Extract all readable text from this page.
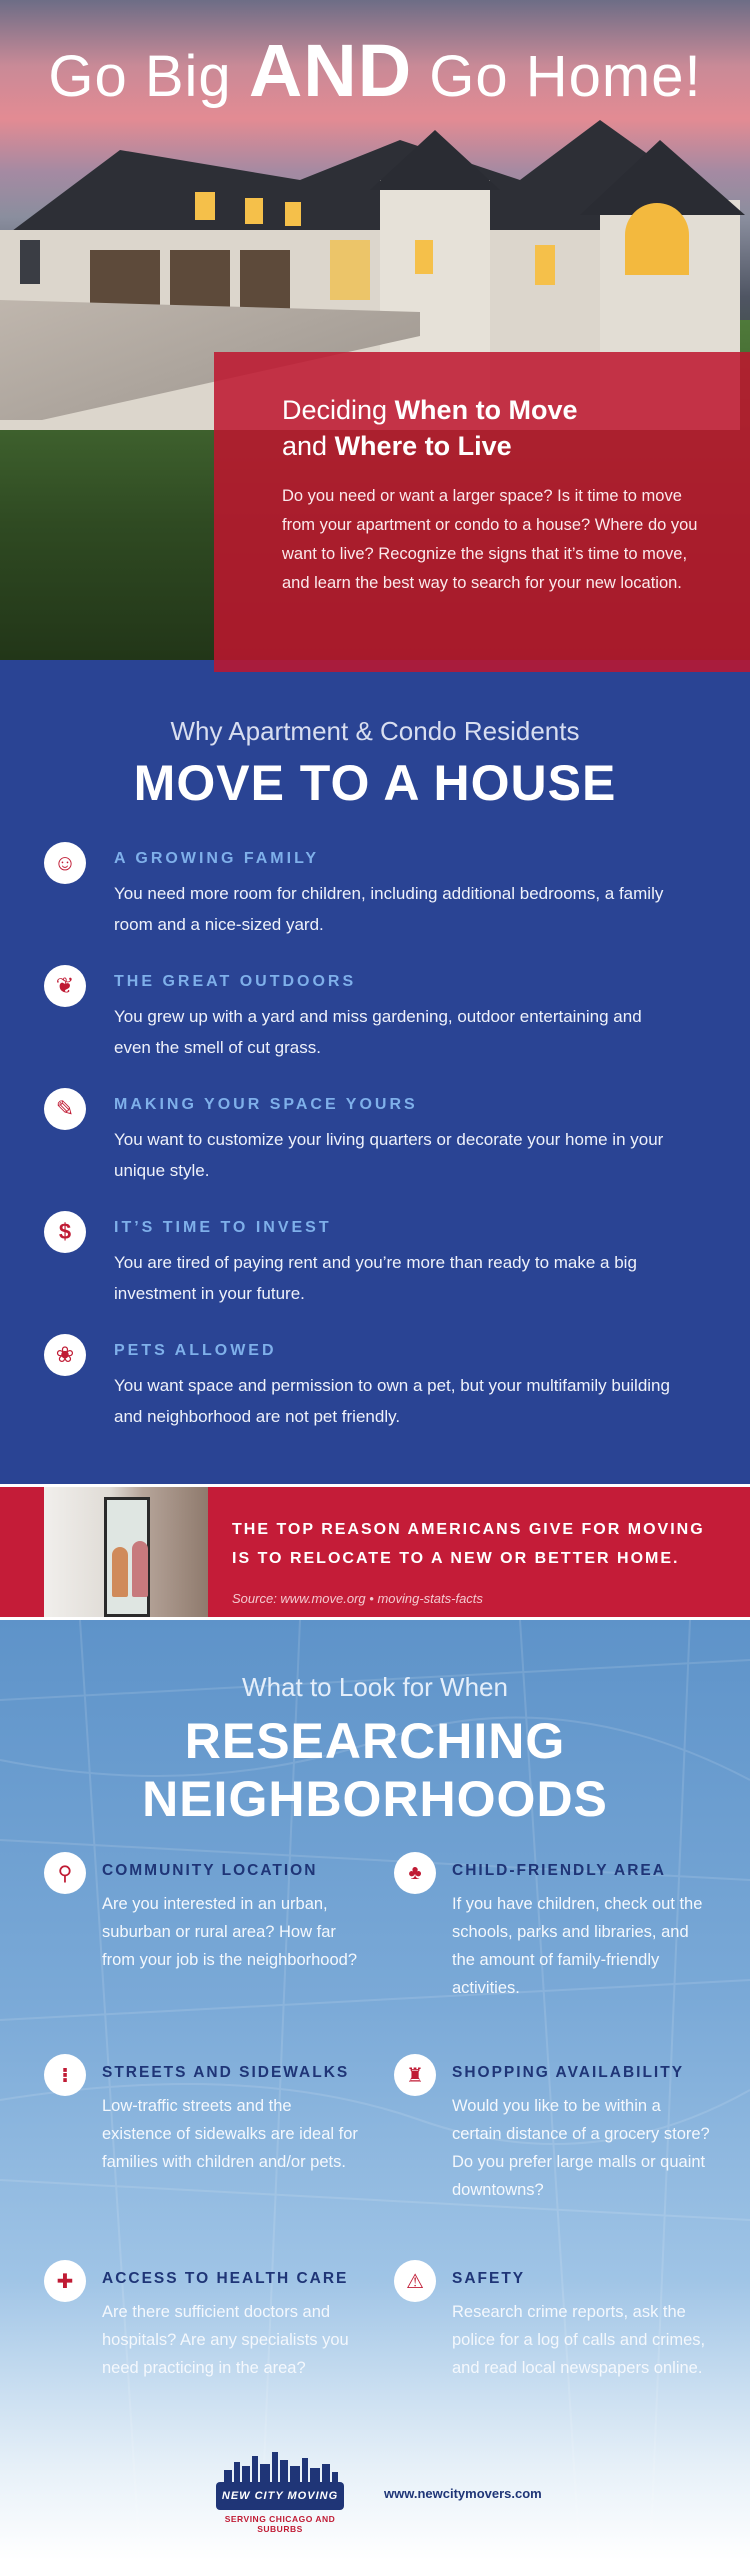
Go Big AND Go Home!
Deciding When to Move
and Where to Live
Do you need or want a larger space? Is it time to move from your apartment or condo to a house? Where do you want to live? Recognize the signs that it’s time to move, and learn the best way to search for your new location.
Why Apartment & Condo Residents
MOVE TO A HOUSE
☺	A GROWING FAMILY
You need more room for children, including additional bedrooms, a family room and a nice-sized yard.
❦	THE GREAT OUTDOORS
You grew up with a yard and miss gardening, outdoor entertaining and even the smell of cut grass.
✎	MAKING YOUR SPACE YOURS
You want to customize your living quarters or decorate your home in your unique style.
$	IT’S TIME TO INVEST
You are tired of paying rent and you’re more than ready to make a big investment in your future.
❀	PETS ALLOWED
You want space and permission to own a pet, but your multifamily building and neighborhood are not pet friendly.
THE TOP REASON AMERICANS GIVE FOR MOVING IS TO RELOCATE TO A NEW OR BETTER HOME.
Source: www.move.org • moving-stats-facts
What to Look for When
RESEARCHING
NEIGHBORHOODS
⚲	COMMUNITY LOCATION
Are you interested in an urban, suburban or rural area? How far from your job is the neighborhood?
♣	CHILD-FRIENDLY AREA
If you have children, check out the schools, parks and libraries, and the amount of family-friendly activities.
⁝	STREETS AND SIDEWALKS
Low-traffic streets and the existence of sidewalks are ideal for families with children and/or pets.
♜	SHOPPING AVAILABILITY
Would you like to be within a certain distance of a grocery store? Do you prefer large malls or quaint downtowns?
✚	ACCESS TO HEALTH CARE
Are there sufficient doctors and hospitals? Are any specialists you need practicing in the area?
⚠	SAFETY
Research crime reports, ask the police for a log of calls and crimes, and read local newspapers online.
NEW CITY MOVING
SERVING CHICAGO AND SUBURBS
www.newcitymovers.com
